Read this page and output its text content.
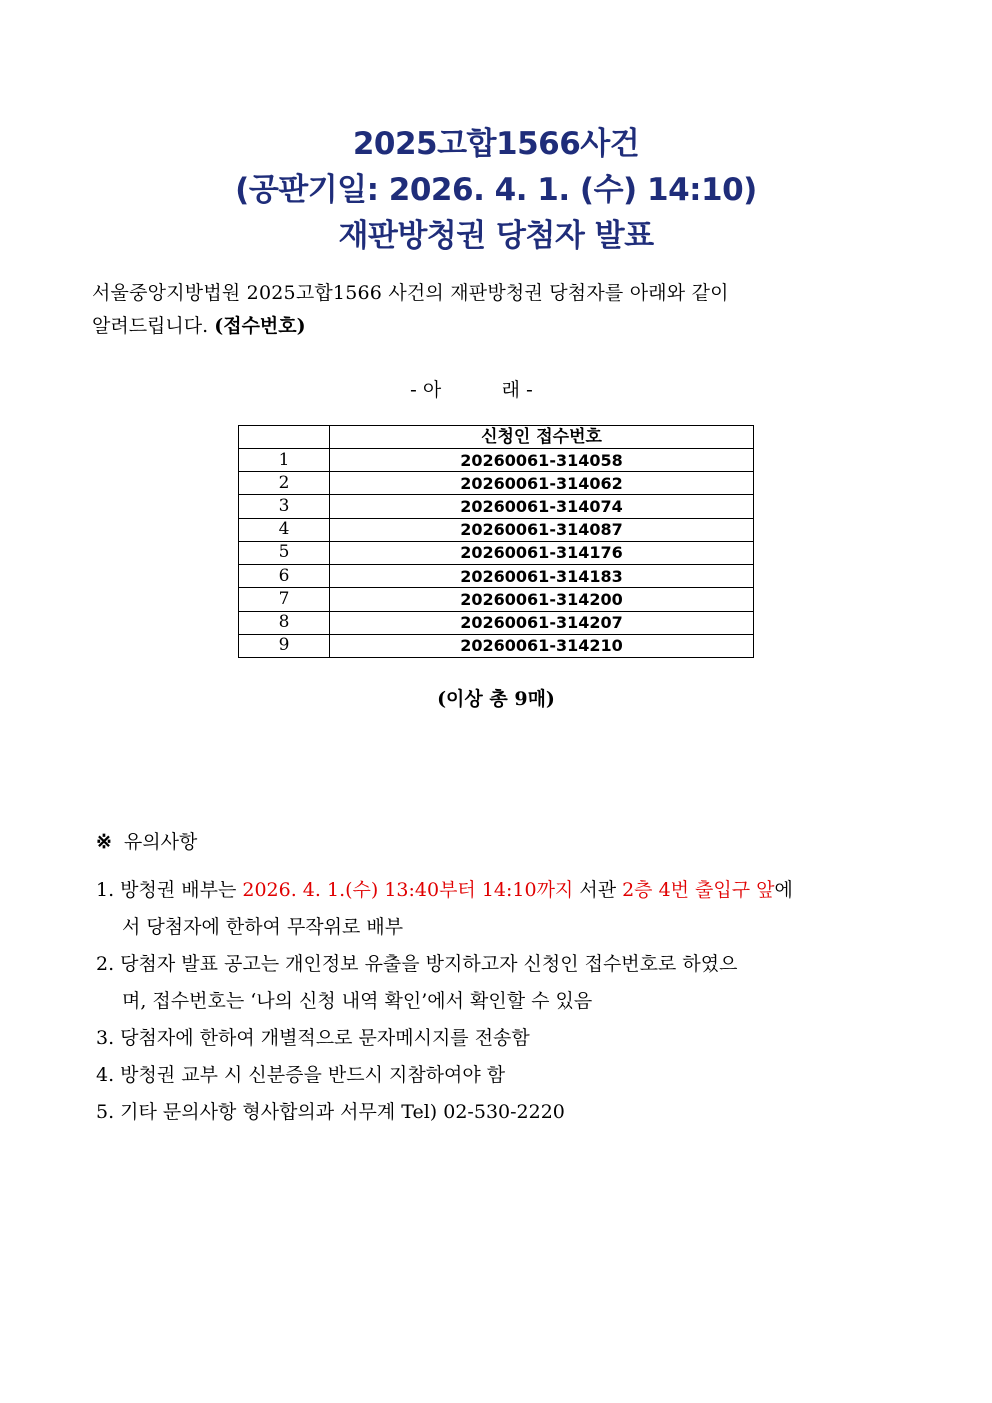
2025고합1566사건
(공판기일: 2026. 4. 1. (수) 14:10)
재판방청권 당첨자 발표
서울중앙지방법원 2025고합1566 사건의 재판방청권 당첨자를 아래와 같이
알려드립니다. (접수번호)
- 아          래 -
	신청인 접수번호
1	20260061-314058
2	20260061-314062
3	20260061-314074
4	20260061-314087
5	20260061-314176
6	20260061-314183
7	20260061-314200
8	20260061-314207
9	20260061-314210
(이상 총 9매)
※ 유의사항
1. 방청권 배부는 2026. 4. 1.(수) 13:40부터 14:10까지 서관 2층 4번 출입구 앞에
서 당첨자에 한하여 무작위로 배부
2. 당첨자 발표 공고는 개인정보 유출을 방지하고자 신청인 접수번호로 하였으
며, 접수번호는 ‘나의 신청 내역 확인’에서 확인할 수 있음
3. 당첨자에 한하여 개별적으로 문자메시지를 전송함
4. 방청권 교부 시 신분증을 반드시 지참하여야 함
5. 기타 문의사항 형사합의과 서무계 Tel) 02-530-2220
